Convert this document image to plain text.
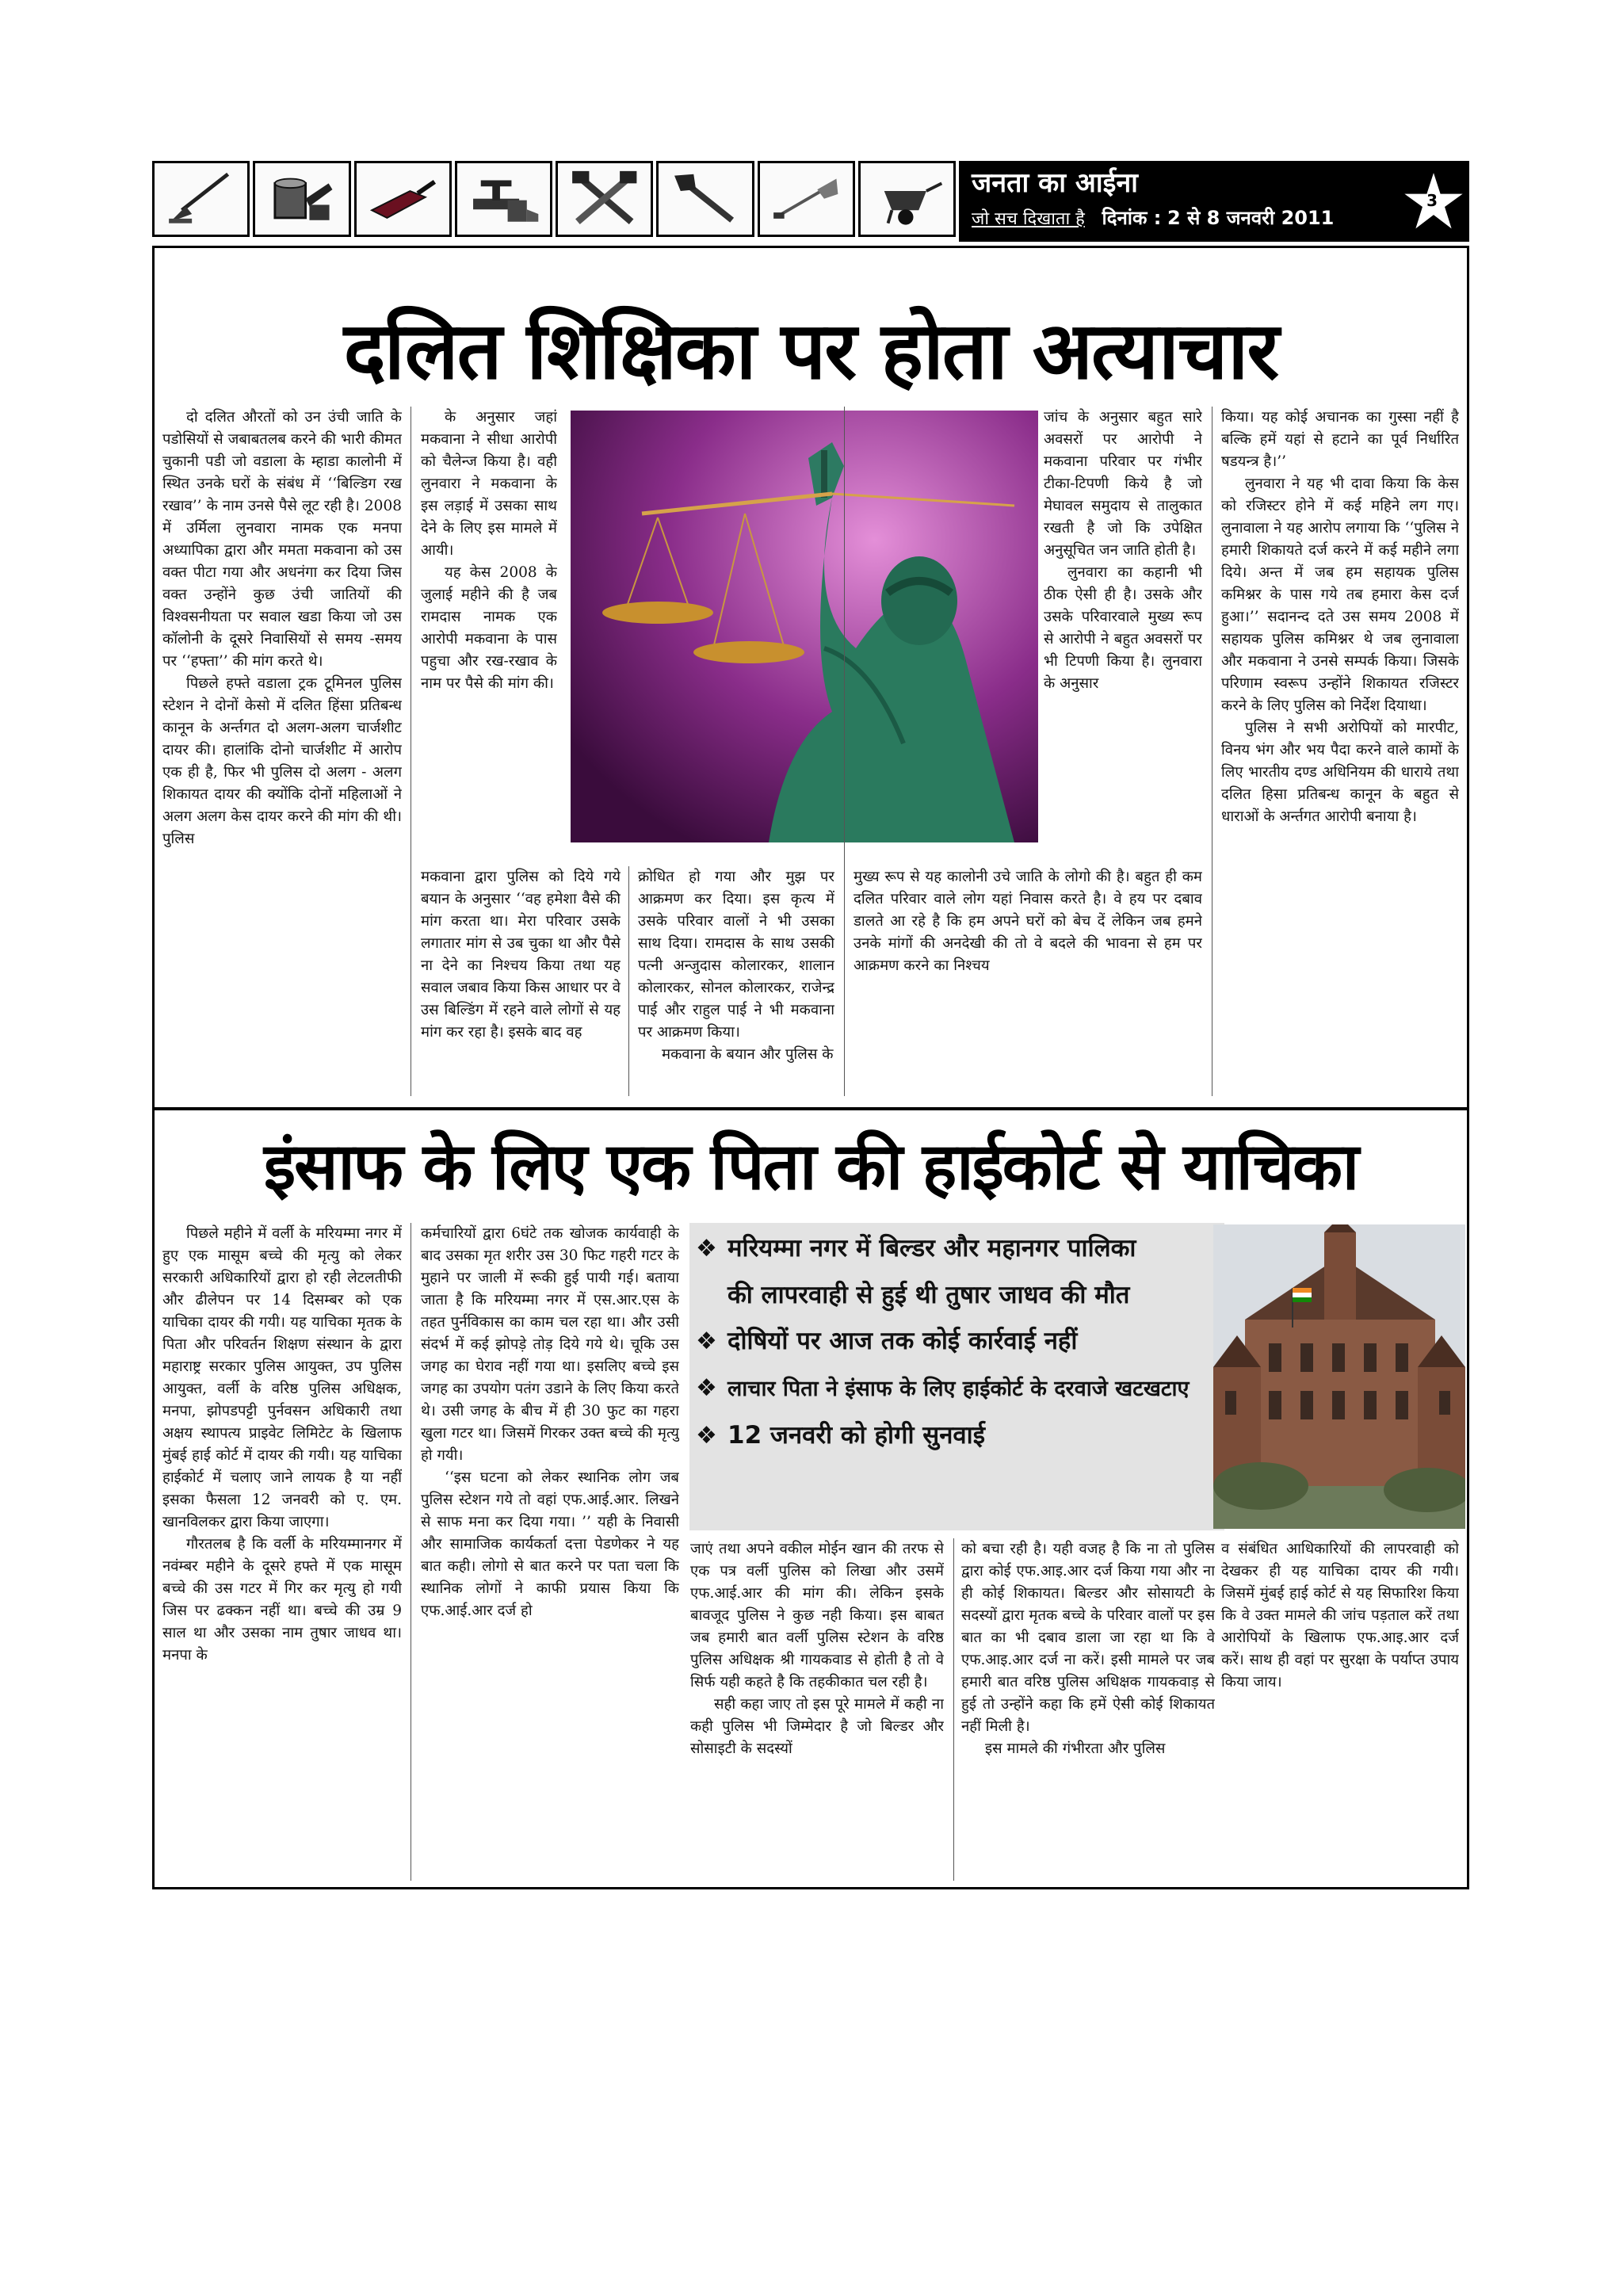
जनता का आईना
जो सच दिखाता है दिनांक : 2 से 8 जनवरी 2011
3
दलित शिक्षिका पर होता अत्याचार

दो दलित औरतों को उन उंची जाति के पडोसियों से जबाबतलब करने की भारी कीमत चुकानी पडी जो वडाला के म्हाडा कालोनी में स्थित उनके घरों के संबंध में ‘‘बिल्डिग रख रखाव’’ के नाम उनसे पैसे लूट रही है। 2008 में उर्मिला लुनवारा नामक एक मनपा अध्यापिका द्वारा और ममता मकवाना को उस वक्त पीटा गया और अधनंगा कर दिया जिस वक्त उन्होंने कुछ उंची जातियों की विश्वसनीयता पर सवाल खडा किया जो उस कॉलोनी के दूसरे निवासियों से समय -समय पर ‘‘हफ्ता’’ की मांग करते थे।

पिछले हफ्ते वडाला ट्रक टूमिनल पुलिस स्टेशन ने दोनों केसो में दलित हिंसा प्रतिबन्ध कानून के अर्न्तगत दो अलग-अलग चार्जशीट दायर की। हालांकि दोनो चार्जशीट में आरोप एक ही है, फिर भी पुलिस दो अलग - अलग शिकायत दायर की क्योंकि दोनों महिलाओं ने अलग अलग केस दायर करने की मांग की थी। पुलिस

के अनुसार जहां मकवाना ने सीधा आरोपी को चैलेन्ज किया है। वही लुनवारा ने मकवाना के इस लड़ाई में उसका साथ देने के लिए इस मामले में आयी।

यह केस 2008 के जुलाई महीने की है जब रामदास नामक एक आरोपी मकवाना के पास पहुचा और रख-रखाव के नाम पर पैसे की मांग की।

मकवाना द्वारा पुलिस को दिये गये बयान के अनुसार ‘‘वह हमेशा वैसे की मांग करता था। मेरा परिवार उसके लगातार मांग से उब चुका था और पैसे ना देने का निश्चय किया तथा यह सवाल जबाव किया किस आधार पर वे उस बिल्डिंग में रहने वाले लोगों से यह मांग कर रहा है। इसके बाद वह

क्रोधित हो गया और मुझ पर आक्रमण कर दिया। इस कृत्य में उसके परिवार वालों ने भी उसका साथ दिया। रामदास के साथ उसकी पत्नी अन्जुदास कोलारकर, शालान कोलारकर, सोनल कोलारकर, राजेन्द्र पाई और राहुल पाई ने भी मकवाना पर आक्रमण किया।

मकवाना के बयान और पुलिस के

जांच के अनुसार बहुत सारे अवसरों पर आरोपी ने मकवाना परिवार पर गंभीर टीका-टिपणी किये है जो मेघावल समुदाय से तालुकात रखती है जो कि उपेक्षित अनुसूचित जन जाति होती है।

लुनवारा का कहानी भी ठीक ऐसी ही है। उसके और उसके परिवारवाले मुख्य रूप से आरोपी ने बहुत अवसरों पर भी टिपणी किया है। लुनवारा के अनुसार

मुख्य रूप से यह कालोनी उचे जाति के लोगो की है। बहुत ही कम दलित परिवार वाले लोग यहां निवास करते है। वे हय पर दबाव डालते आ रहे है कि हम अपने घरों को बेच दें लेकिन जब हमने उनके मांगों की अनदेखी की तो वे बदले की भावना से हम पर आक्रमण करने का निश्चय

किया। यह कोई अचानक का गुस्सा नहीं है बल्कि हमें यहां से हटाने का पूर्व निर्धारित षडयन्त्र है।’’

लुनवारा ने यह भी दावा किया कि केस को रजिस्टर होने में कई महिने लग गए। लुनावाला ने यह आरोप लगाया कि ‘‘पुलिस ने हमारी शिकायते दर्ज करने में कई महीने लगा दिये। अन्त में जब हम सहायक पुलिस कमिश्नर के पास गये तब हमारा केस दर्ज हुआ।’’ सदानन्द दते उस समय 2008 में सहायक पुलिस कमिश्नर थे जब लुनावाला और मकवाना ने उनसे सम्पर्क किया। जिसके परिणाम स्वरूप उन्होंने शिकायत रजिस्टर करने के लिए पुलिस को निर्देश दियाथा।

पुलिस ने सभी अरोपियों को मारपीट, विनय भंग और भय पैदा करने वाले कामों के लिए भारतीय दण्ड अधिनियम की धाराये तथा दलित हिसा प्रतिबन्ध कानून के बहुत से धाराओं के अर्न्तगत आरोपी बनाया है।

इंसाफ के लिए एक पिता की हाईकोर्ट से याचिका

पिछले महीने में वर्ली के मरियम्मा नगर में हुए एक मासूम बच्चे की मृत्यु को लेकर सरकारी अधिकारियों द्वारा हो रही लेटलतीफी और ढीलेपन पर 14 दिसम्बर को एक याचिका दायर की गयी। यह याचिका मृतक के पिता और परिवर्तन शिक्षण संस्थान के द्वारा महाराष्ट्र सरकार पुलिस आयुक्त, उप पुलिस आयुक्त, वर्ली के वरिष्ठ पुलिस अधिक्षक, मनपा, झोपडपट्टी पुर्नवसन अधिकारी तथा अक्षय स्थापत्य प्राइवेट लिमिटेट के खिलाफ मुंबई हाई कोर्ट में दायर की गयी। यह याचिका हाईकोर्ट में चलाए जाने लायक है या नहीं इसका फैसला 12 जनवरी को ए. एम. खानविलकर द्वारा किया जाएगा।

गौरतलब है कि वर्ली के मरियम्मानगर में नवंम्बर महीने के दूसरे हफ्ते में एक मासूम बच्चे की उस गटर में गिर कर मृत्यु हो गयी जिस पर ढक्कन नहीं था। बच्चे की उम्र 9 साल था और उसका नाम तुषार जाधव था। मनपा के

कर्मचारियों द्वारा 6घंटे तक खोजक कार्यवाही के बाद उसका मृत शरीर उस 30 फिट गहरी गटर के मुहाने पर जाली में रूकी हुई पायी गई। बताया जाता है कि मरियम्मा नगर में एस.आर.एस के तहत पुर्नविकास का काम चल रहा था। और उसी संदर्भ में कई झोपड़े तोड़ दिये गये थे। चूकि उस जगह का घेराव नहीं गया था। इसलिए बच्चे इस जगह का उपयोग पतंग उडाने के लिए किया करते थे। उसी जगह के बीच में ही 30 फुट का गहरा खुला गटर था। जिसमें गिरकर उक्त बच्चे की मृत्यु हो गयी।

‘‘इस घटना को लेकर स्थानिक लोग जब पुलिस स्टेशन गये तो वहां एफ.आई.आर. लिखने से साफ मना कर दिया गया। ’’ यही के निवासी और सामाजिक कार्यकर्ता दत्ता पेडणेकर ने यह बात कही। लोगो से बात करने पर पता चला कि स्थानिक लोगों ने काफी प्रयास किया कि एफ.आई.आर दर्ज हो

❖ मरियम्मा नगर में बिल्डर और महानगर पालिका
की लापरवाही से हुई थी तुषार जाधव की मौत
❖ दोषियों पर आज तक कोई कार्रवाई नहीं
❖ लाचार पिता ने इंसाफ के लिए हाईकोर्ट के दरवाजे खटखटाए
❖ 12 जनवरी को होगी सुनवाई

जाएं तथा अपने वकील मोईन खान की तरफ से एक पत्र वर्ली पुलिस को लिखा और उसमें एफ.आई.आर की मांग की। लेकिन इसके बावजूद पुलिस ने कुछ नही किया। इस बाबत जब हमारी बात वर्ली पुलिस स्टेशन के वरिष्ठ पुलिस अधिक्षक श्री गायकवाड से होती है तो वे सिर्फ यही कहते है कि तहकीकात चल रही है।

सही कहा जाए तो इस पूरे मामले में कही ना कही पुलिस भी जिम्मेदार है जो बिल्डर और सोसाइटी के सदस्यों

को बचा रही है। यही वजह है कि ना तो पुलिस द्वारा कोई एफ.आइ.आर दर्ज किया गया और ना ही कोई शिकायत। बिल्डर और सोसायटी के सदस्यों द्वारा मृतक बच्चे के परिवार वालों पर इस बात का भी दबाव डाला जा रहा था कि वे एफ.आइ.आर दर्ज ना करें। इसी मामले पर जब हमारी बात वरिष्ठ पुलिस अधिक्षक गायकवाड़ से हुई तो उन्होंने कहा कि हमें ऐसी कोई शिकायत नहीं मिली है।

इस मामले की गंभीरता और पुलिस

व संबंधित आधिकारियों की लापरवाही को देखकर ही यह याचिका दायर की गयी। जिसमें मुंबई हाई कोर्ट से यह सिफारिश किया कि वे उक्त मामले की जांच पड़ताल करें तथा आरोपियों के खिलाफ एफ.आइ.आर दर्ज करें। साथ ही वहां पर सुरक्षा के पर्याप्त उपाय किया जाय।
